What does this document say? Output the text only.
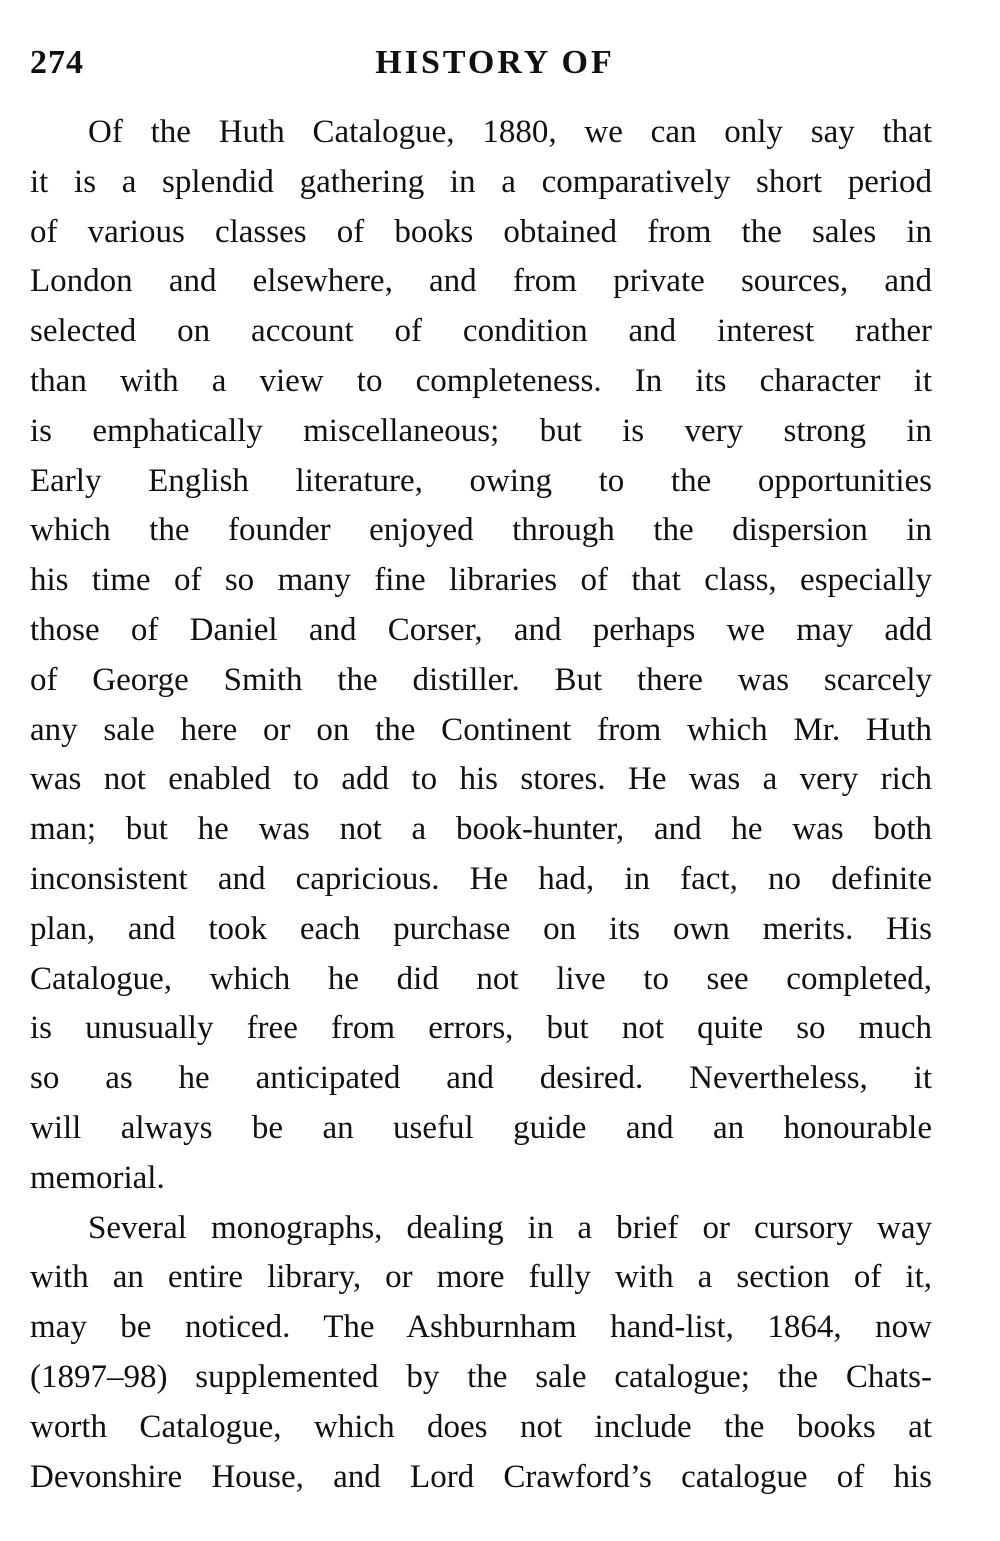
274	HISTORY OF
Of the Huth Catalogue, 1880, we can only say that
it is a splendid gathering in a comparatively short period
of various classes of books obtained from the sales in
London and elsewhere, and from private sources, and
selected on account of condition and interest rather
than with a view to completeness. In its character it
is emphatically miscellaneous; but is very strong in
Early English literature, owing to the opportunities
which the founder enjoyed through the dispersion in
his time of so many fine libraries of that class, especially
those of Daniel and Corser, and perhaps we may add
of George Smith the distiller. But there was scarcely
any sale here or on the Continent from which Mr. Huth
was not enabled to add to his stores. He was a very rich
man; but he was not a book-hunter, and he was both
inconsistent and capricious. He had, in fact, no definite
plan, and took each purchase on its own merits. His
Catalogue, which he did not live to see completed,
is unusually free from errors, but not quite so much
so as he anticipated and desired. Nevertheless, it
will always be an useful guide and an honourable
memorial.
Several monographs, dealing in a brief or cursory way
with an entire library, or more fully with a section of it,
may be noticed. The Ashburnham hand-list, 1864, now
(1897–98) supplemented by the sale catalogue; the Chats-
worth Catalogue, which does not include the books at
Devonshire House, and Lord Crawford’s catalogue of his
